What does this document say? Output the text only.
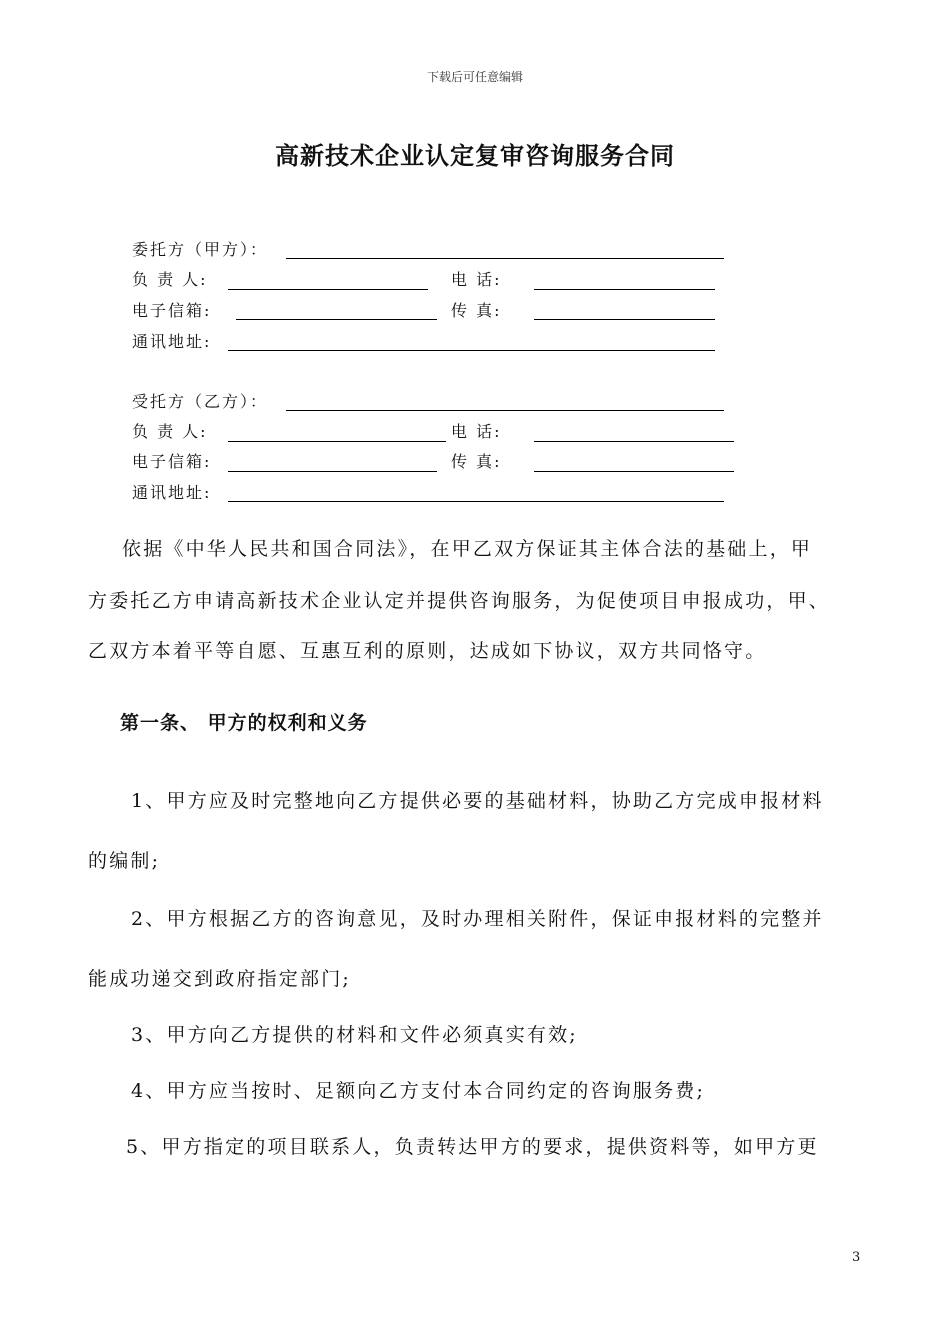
下载后可任意编辑
高新技术企业认定复审咨询服务合同
委托方（甲方）：
负 责 人:	电 话:
电子信箱:	传 真:
通讯地址:
受托方（乙方）：
负 责 人:	电 话:
电子信箱:	传 真:
通讯地址:
依据《中华人民共和国合同法》，在甲乙双方保证其主体合法的基础上，甲
方委托乙方申请高新技术企业认定并提供咨询服务，为促使项目申报成功，甲、
乙双方本着平等自愿、互惠互利的原则，达成如下协议，双方共同恪守。
第一条、 甲方的权利和义务
1、甲方应及时完整地向乙方提供必要的基础材料，协助乙方完成申报材料
的编制;
2、甲方根据乙方的咨询意见，及时办理相关附件，保证申报材料的完整并
能成功递交到政府指定部门;
3、甲方向乙方提供的材料和文件必须真实有效;
4、甲方应当按时、足额向乙方支付本合同约定的咨询服务费;
5、甲方指定的项目联系人，负责转达甲方的要求，提供资料等，如甲方更
3
